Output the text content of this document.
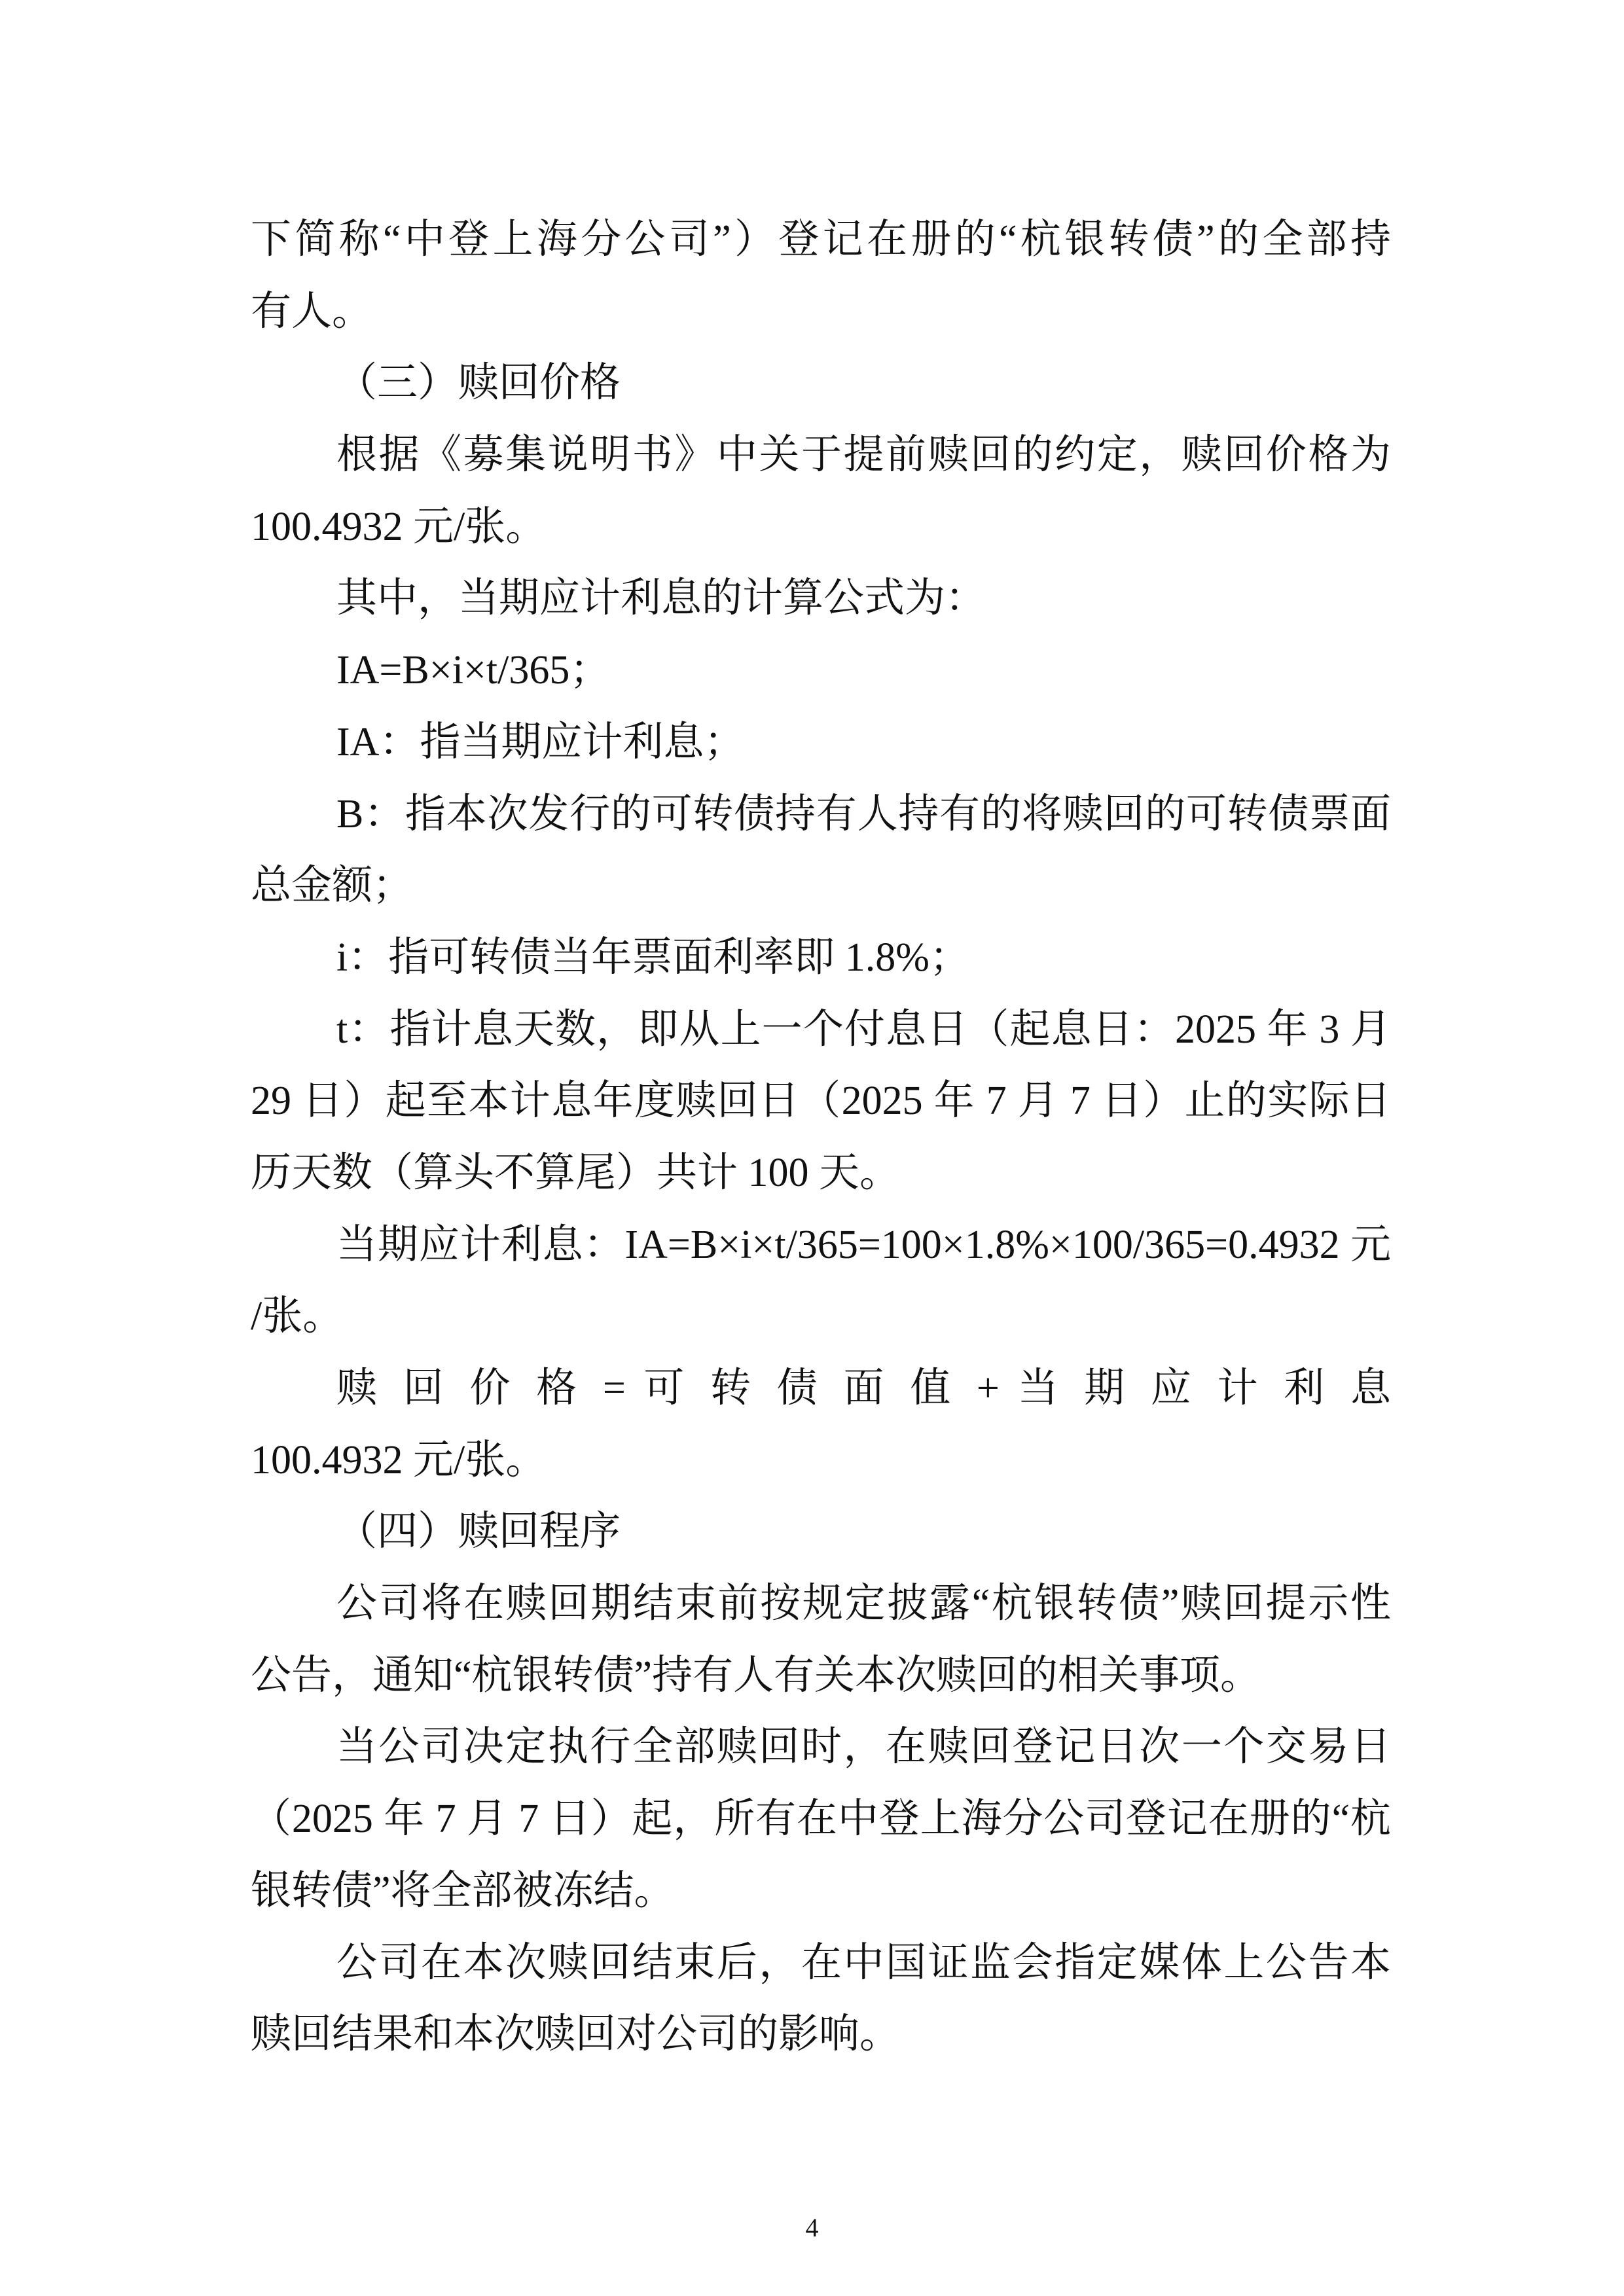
下简称“中登上海分公司”）登记在册的“杭银转债”的全部持
有人。
（三）赎回价格
根据《募集说明书》中关于提前赎回的约定，赎回价格为
100.4932 元/张。
其中，当期应计利息的计算公式为：
IA=B×i×t/365；
IA：指当期应计利息；
B：指本次发行的可转债持有人持有的将赎回的可转债票面
总金额；
i：指可转债当年票面利率即 1.8%；
t：指计息天数，即从上一个付息日（起息日：2025 年 3 月
29 日）起至本计息年度赎回日（2025 年 7 月 7 日）止的实际日
历天数（算头不算尾）共计 100 天。
当期应计利息：IA=B×i×t/365=100×1.8%×100/365=0.4932 元
/张。
赎 回 价 格 = 可 转 债 面 值 + 当 期 应 计 利 息
100.4932 元/张。
（四）赎回程序
公司将在赎回期结束前按规定披露“杭银转债”赎回提示性
公告，通知“杭银转债”持有人有关本次赎回的相关事项。
当公司决定执行全部赎回时，在赎回登记日次一个交易日
（2025 年 7 月 7 日）起，所有在中登上海分公司登记在册的“杭
银转债”将全部被冻结。
公司在本次赎回结束后，在中国证监会指定媒体上公告本
赎回结果和本次赎回对公司的影响。
4
